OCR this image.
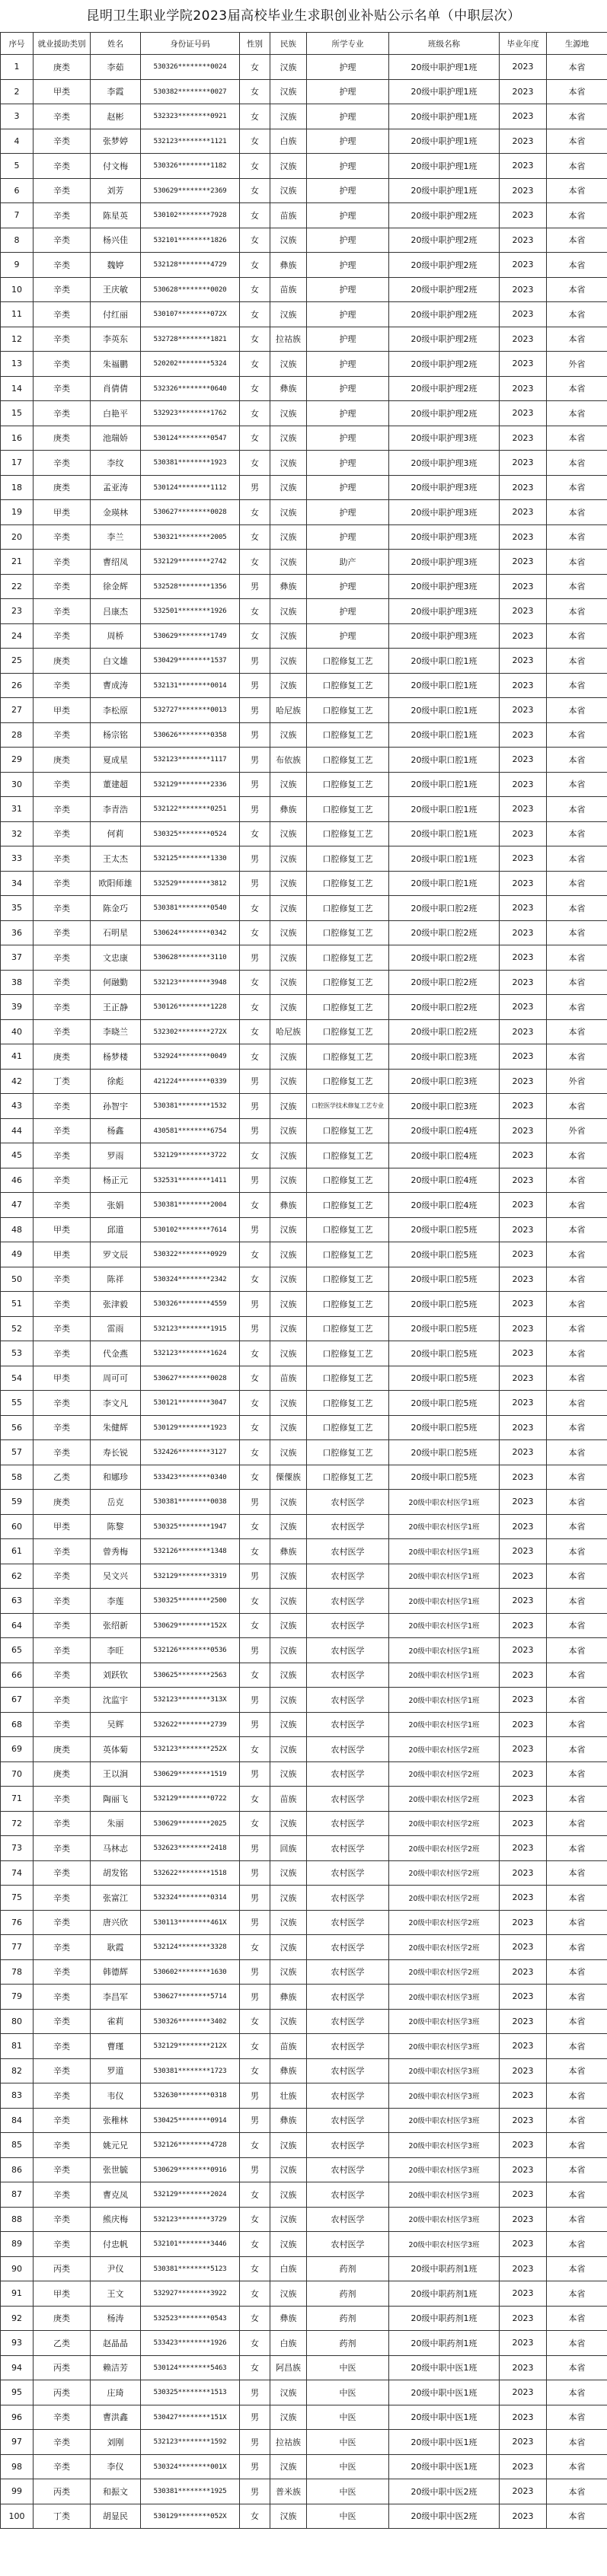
昆明卫生职业学院2023届高校毕业生求职创业补贴公示名单（中职层次）
序号	就业援助类别	姓名	身份证号码	性别	民族	所学专业	班级名称	毕业年度	生源地
1	庚类	李茹	530326********0024	女	汉族	护理	20级中职护理1班	2023	本省
2	甲类	李霞	530382********0027	女	汉族	护理	20级中职护理1班	2023	本省
3	辛类	赵彬	532323********0921	女	汉族	护理	20级中职护理1班	2023	本省
4	辛类	张梦婷	532123********1121	女	白族	护理	20级中职护理1班	2023	本省
5	辛类	付文梅	530326********1182	女	汉族	护理	20级中职护理1班	2023	本省
6	辛类	刘芳	530629********2369	女	汉族	护理	20级中职护理1班	2023	本省
7	辛类	陈星英	530102********7928	女	苗族	护理	20级中职护理2班	2023	本省
8	辛类	杨兴佳	532101********1826	女	汉族	护理	20级中职护理2班	2023	本省
9	辛类	魏婷	532128********4729	女	彝族	护理	20级中职护理2班	2023	本省
10	辛类	王庆敏	530628********0020	女	苗族	护理	20级中职护理2班	2023	本省
11	辛类	付红丽	530107********072X	女	汉族	护理	20级中职护理2班	2023	本省
12	辛类	李英东	532728********1821	女	拉祜族	护理	20级中职护理2班	2023	本省
13	辛类	朱福鹏	520202********5324	女	汉族	护理	20级中职护理2班	2023	外省
14	辛类	肖倩倩	532326********0640	女	彝族	护理	20级中职护理2班	2023	本省
15	辛类	白艳平	532923********1762	女	汉族	护理	20级中职护理2班	2023	本省
16	庚类	池瑞娇	530124********0547	女	汉族	护理	20级中职护理3班	2023	本省
17	辛类	李纹	530381********1923	女	汉族	护理	20级中职护理3班	2023	本省
18	庚类	孟亚涛	530124********1112	男	汉族	护理	20级中职护理3班	2023	本省
19	甲类	金瑛林	530627********0028	女	汉族	护理	20级中职护理3班	2023	本省
20	辛类	李兰	530321********2005	女	汉族	护理	20级中职护理3班	2023	本省
21	辛类	曹绍凤	532129********2742	女	汉族	助产	20级中职护理3班	2023	本省
22	辛类	徐金辉	532528********1356	男	彝族	护理	20级中职护理3班	2023	本省
23	辛类	吕康杰	532501********1926	女	汉族	护理	20级中职护理3班	2023	本省
24	辛类	周桥	530629********1749	女	汉族	护理	20级中职护理3班	2023	本省
25	庚类	白文雄	530429********1537	男	汉族	口腔修复工艺	20级中职口腔1班	2023	本省
26	辛类	曹成涛	532131********0014	男	汉族	口腔修复工艺	20级中职口腔1班	2023	本省
27	甲类	李松原	532727********0013	男	哈尼族	口腔修复工艺	20级中职口腔1班	2023	本省
28	辛类	杨宗铭	530626********0358	男	汉族	口腔修复工艺	20级中职口腔1班	2023	本省
29	庚类	夏成星	532123********1117	男	布依族	口腔修复工艺	20级中职口腔1班	2023	本省
30	辛类	董建超	532129********2336	男	汉族	口腔修复工艺	20级中职口腔1班	2023	本省
31	辛类	李青浩	532122********0251	男	彝族	口腔修复工艺	20级中职口腔1班	2023	本省
32	辛类	何莉	530325********0524	女	汉族	口腔修复工艺	20级中职口腔1班	2023	本省
33	辛类	王太杰	532125********1330	男	汉族	口腔修复工艺	20级中职口腔1班	2023	本省
34	辛类	欧阳师雄	532529********3812	男	汉族	口腔修复工艺	20级中职口腔1班	2023	本省
35	辛类	陈金巧	530381********0540	女	汉族	口腔修复工艺	20级中职口腔2班	2023	本省
36	辛类	石明星	530624********0342	女	汉族	口腔修复工艺	20级中职口腔2班	2023	本省
37	辛类	文忠康	530628********3110	男	汉族	口腔修复工艺	20级中职口腔2班	2023	本省
38	辛类	何融勤	532123********3948	女	汉族	口腔修复工艺	20级中职口腔2班	2023	本省
39	辛类	王正静	530126********1228	女	汉族	口腔修复工艺	20级中职口腔2班	2023	本省
40	辛类	李晓兰	532302********272X	女	哈尼族	口腔修复工艺	20级中职口腔2班	2023	本省
41	庚类	杨梦楼	532924********0049	女	汉族	口腔修复工艺	20级中职口腔3班	2023	本省
42	丁类	徐彪	421224********0339	男	汉族	口腔修复工艺	20级中职口腔3班	2023	外省
43	辛类	孙智宇	530381********1532	男	汉族	口腔医学技术修复工艺专业	20级中职口腔3班	2023	本省
44	辛类	杨鑫	430581********6754	男	汉族	口腔修复工艺	20级中职口腔4班	2023	外省
45	辛类	罗雨	532129********3722	女	汉族	口腔修复工艺	20级中职口腔4班	2023	本省
46	辛类	杨正元	532531********1411	男	汉族	口腔修复工艺	20级中职口腔4班	2023	本省
47	辛类	张娟	530381********2004	女	彝族	口腔修复工艺	20级中职口腔4班	2023	本省
48	甲类	邱道	530102********7614	男	汉族	口腔修复工艺	20级中职口腔5班	2023	本省
49	甲类	罗文辰	530322********0929	女	汉族	口腔修复工艺	20级中职口腔5班	2023	本省
50	辛类	陈祥	530324********2342	女	汉族	口腔修复工艺	20级中职口腔5班	2023	本省
51	辛类	张津毅	530326********4559	男	汉族	口腔修复工艺	20级中职口腔5班	2023	本省
52	辛类	雷雨	532123********1915	男	汉族	口腔修复工艺	20级中职口腔5班	2023	本省
53	辛类	代金燕	532123********1624	女	汉族	口腔修复工艺	20级中职口腔5班	2023	本省
54	甲类	周可可	530627********0028	女	苗族	口腔修复工艺	20级中职口腔5班	2023	本省
55	辛类	李文凡	530121********3047	女	汉族	口腔修复工艺	20级中职口腔5班	2023	本省
56	辛类	朱健辉	530129********1923	女	汉族	口腔修复工艺	20级中职口腔5班	2023	本省
57	辛类	寿长锐	532426********3127	女	汉族	口腔修复工艺	20级中职口腔5班	2023	本省
58	乙类	和娜珍	533423********0340	女	傈僳族	口腔修复工艺	20级中职口腔5班	2023	本省
59	庚类	岳克	530381********0038	男	汉族	农村医学	20级中职农村医学1班	2023	本省
60	甲类	陈黎	530325********1947	女	汉族	农村医学	20级中职农村医学1班	2023	本省
61	辛类	曾秀梅	532126********1348	女	彝族	农村医学	20级中职农村医学1班	2023	本省
62	辛类	吴文兴	532129********3319	男	汉族	农村医学	20级中职农村医学1班	2023	本省
63	辛类	李莲	530325********2500	女	汉族	农村医学	20级中职农村医学1班	2023	本省
64	辛类	张绍新	530629********152X	女	汉族	农村医学	20级中职农村医学1班	2023	本省
65	辛类	李旺	532126********0536	男	汉族	农村医学	20级中职农村医学1班	2023	本省
66	辛类	刘跃钦	530625********2563	女	汉族	农村医学	20级中职农村医学1班	2023	本省
67	辛类	沈监宇	532123********313X	男	汉族	农村医学	20级中职农村医学1班	2023	本省
68	辛类	吴辉	532622********2739	男	汉族	农村医学	20级中职农村医学1班	2023	本省
69	庚类	英体菊	532123********252X	女	汉族	农村医学	20级中职农村医学2班	2023	本省
70	庚类	王以涧	530629********1519	男	汉族	农村医学	20级中职农村医学2班	2023	本省
71	辛类	陶丽飞	532129********0722	女	苗族	农村医学	20级中职农村医学2班	2023	本省
72	辛类	朱丽	530629********2025	女	汉族	农村医学	20级中职农村医学2班	2023	本省
73	辛类	马林志	532623********2418	男	回族	农村医学	20级中职农村医学2班	2023	本省
74	辛类	胡发铭	532622********1518	男	汉族	农村医学	20级中职农村医学2班	2023	本省
75	辛类	张富江	532324********0314	男	汉族	农村医学	20级中职农村医学2班	2023	本省
76	辛类	唐兴欣	530113********461X	男	汉族	农村医学	20级中职农村医学2班	2023	本省
77	辛类	耿霞	532124********3328	女	汉族	农村医学	20级中职农村医学2班	2023	本省
78	辛类	韩德辉	530602********1630	男	汉族	农村医学	20级中职农村医学2班	2023	本省
79	辛类	李昌军	530627********5714	男	彝族	农村医学	20级中职农村医学3班	2023	本省
80	辛类	雀莉	530326********3402	女	汉族	农村医学	20级中职农村医学3班	2023	本省
81	辛类	曹瑾	532129********212X	女	苗族	农村医学	20级中职农村医学3班	2023	本省
82	辛类	罗道	530381********1723	女	彝族	农村医学	20级中职农村医学3班	2023	本省
83	辛类	韦仪	532630********0318	男	壮族	农村医学	20级中职农村医学3班	2023	本省
84	辛类	张稚林	530425********0914	男	彝族	农村医学	20级中职农村医学3班	2023	本省
85	辛类	姚元兄	532126********4728	女	汉族	农村医学	20级中职农村医学3班	2023	本省
86	辛类	张世毓	530629********0916	男	汉族	农村医学	20级中职农村医学3班	2023	本省
87	辛类	曹克凤	532129********2024	女	汉族	农村医学	20级中职农村医学3班	2023	本省
88	辛类	熊庆梅	532123********3729	女	汉族	农村医学	20级中职农村医学3班	2023	本省
89	辛类	付忠帆	532101********3446	女	汉族	农村医学	20级中职农村医学3班	2023	本省
90	丙类	尹仪	530381********5123	女	白族	药剂	20级中职药剂1班	2023	本省
91	甲类	王文	532927********3922	女	汉族	药剂	20级中职药剂1班	2023	本省
92	庚类	杨涛	532523********0543	女	彝族	药剂	20级中职药剂1班	2023	本省
93	乙类	赵晶晶	533423********1926	女	白族	药剂	20级中职药剂1班	2023	本省
94	丙类	赖洁芳	530124********5463	女	阿昌族	中医	20级中职中医1班	2023	本省
95	丙类	庄琦	530325********1513	男	汉族	中医	20级中职中医1班	2023	本省
96	辛类	曹洪鑫	530427********151X	男	汉族	中医	20级中职中医1班	2023	本省
97	辛类	刘刚	532123********1592	男	拉祜族	中医	20级中职中医1班	2023	本省
98	辛类	李仪	530324********001X	男	汉族	中医	20级中职中医1班	2023	本省
99	丙类	和振文	530381********1925	男	普米族	中医	20级中职中医2班	2023	本省
100	丁类	胡显民	530129********052X	女	汉族	中医	20级中职中医2班	2023	本省
